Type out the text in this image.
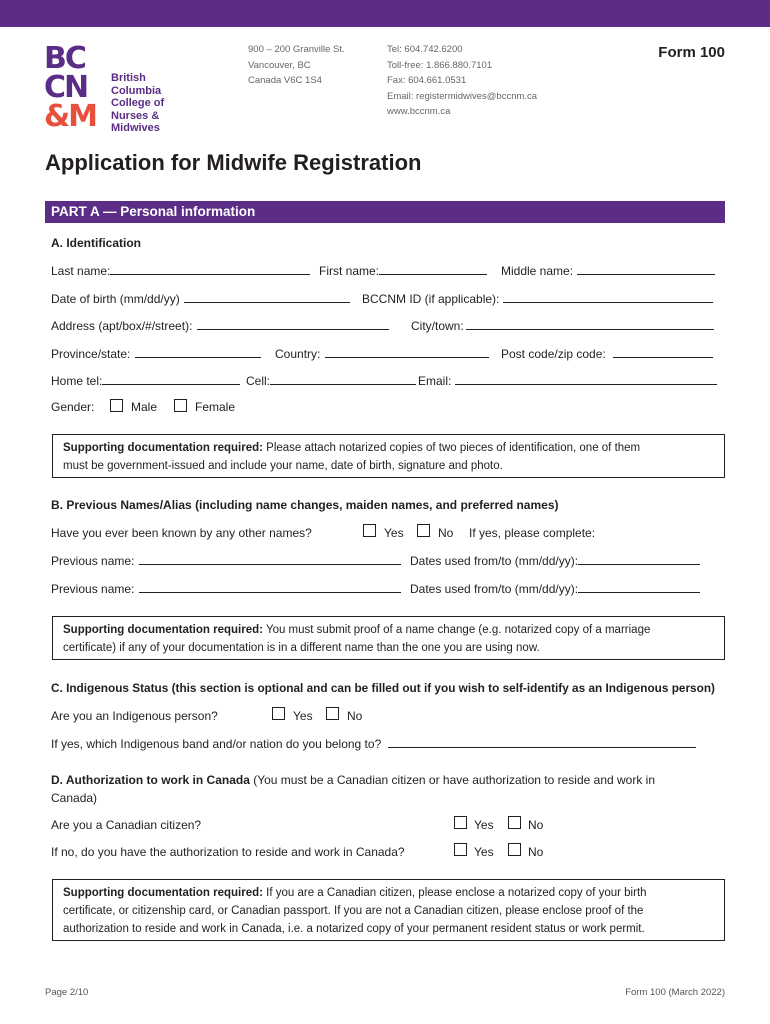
BC
CN
&M
British
Columbia
College of
Nurses &
Midwives
900 – 200 Granville St.
Vancouver, BC
Canada V6C 1S4
Tel: 604.742.6200
Toll-free: 1.866.880.7101
Fax: 604.661.0531
Email: registermidwives@bccnm.ca
www.bccnm.ca
Form 100
Application for Midwife Registration
PART A — Personal information
A. Identification
Last name:	First name:	Middle name:
Date of birth (mm/dd/yy)	BCCNM ID (if applicable):
Address (apt/box/#/street):	City/town:
Province/state:	Country:	Post code/zip code:
Home tel:	Cell:	Email:
Gender:	Male	Female
Supporting documentation required: Please attach notarized copies of two pieces of identification, one of them
must be government-issued and include your name, date of birth, signature and photo.
B. Previous Names/Alias (including name changes, maiden names, and preferred names)
Have you ever been known by any other names?	Yes	No If yes, please complete:
Previous name:	Dates used from/to (mm/dd/yy):
Previous name:	Dates used from/to (mm/dd/yy):
Supporting documentation required: You must submit proof of a name change (e.g. notarized copy of a marriage
certificate) if any of your documentation is in a different name than the one you are using now.
C. Indigenous Status (this section is optional and can be filled out if you wish to self-identify as an Indigenous person)
Are you an Indigenous person?	Yes	No
If yes, which Indigenous band and/or nation do you belong to?
D. Authorization to work in Canada (You must be a Canadian citizen or have authorization to reside and work in
Canada)
Are you a Canadian citizen?	Yes	No
If no, do you have the authorization to reside and work in Canada?	Yes	No
Supporting documentation required: If you are a Canadian citizen, please enclose a notarized copy of your birth
certificate, or citizenship card, or Canadian passport. If you are not a Canadian citizen, please enclose proof of the
authorization to reside and work in Canada, i.e. a notarized copy of your permanent resident status or work permit.
Page 2/10	Form 100 (March 2022)
